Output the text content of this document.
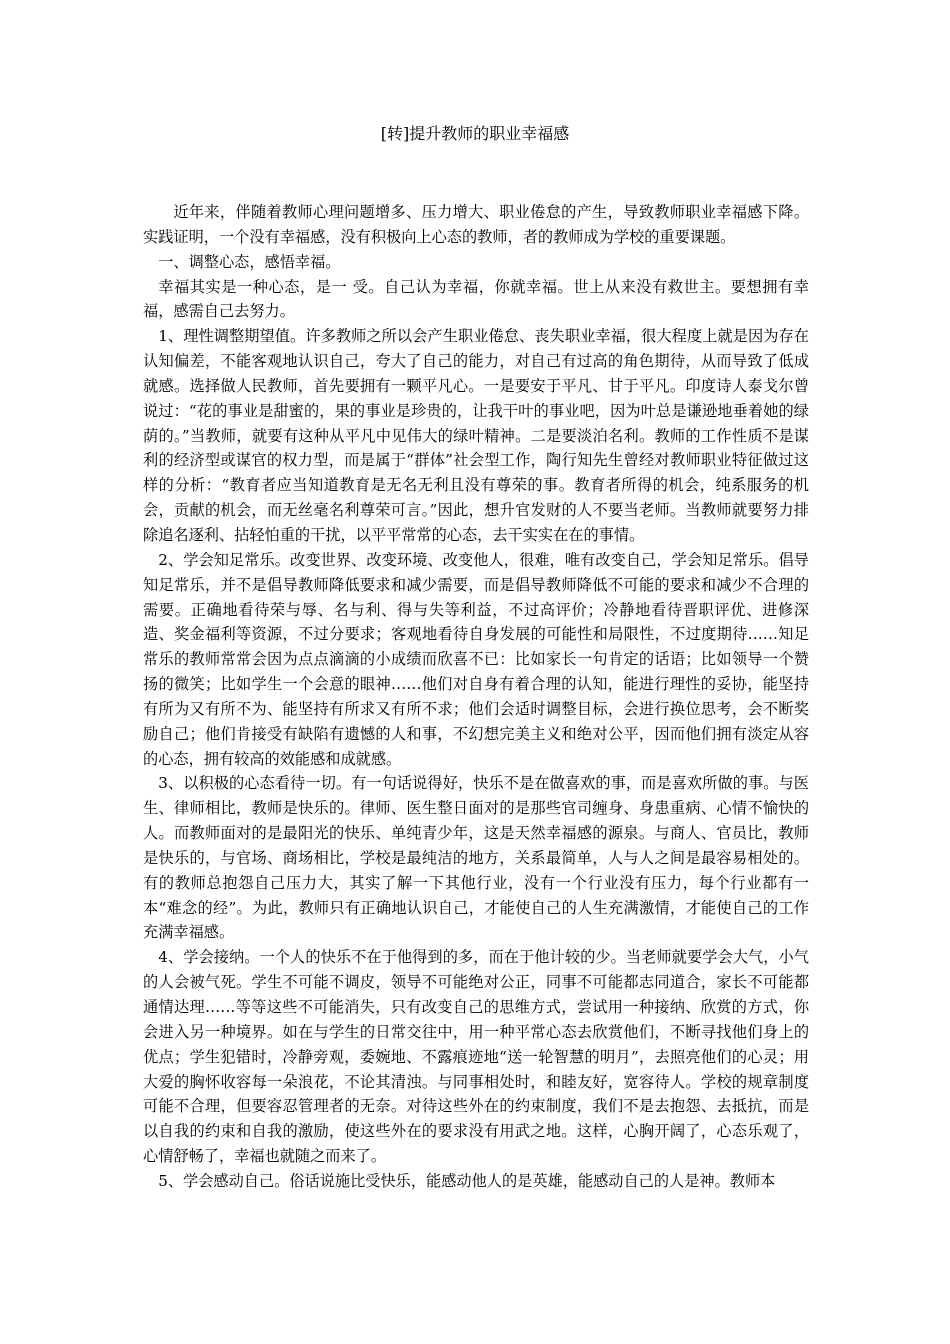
[转]提升教师的职业幸福感

近年来，伴随着教师心理问题增多、压力增大、职业倦怠的产生，导致教师职业幸福感下降。实践证明，一个没有幸福感，没有积极向上心态的教师，者的教师成为学校的重要课题。

一、调整心态，感悟幸福。

幸福其实是一种心态，是一 受。自己认为幸福，你就幸福。世上从来没有救世主。要想拥有幸福，感需自己去努力。

1、理性调整期望值。许多教师之所以会产生职业倦怠、丧失职业幸福，很大程度上就是因为存在认知偏差，不能客观地认识自己，夸大了自己的能力，对自己有过高的角色期待，从而导致了低成就感。选择做人民教师，首先要拥有一颗平凡心。一是要安于平凡、甘于平凡。印度诗人泰戈尔曾说过：“花的事业是甜蜜的，果的事业是珍贵的，让我干叶的事业吧，因为叶总是谦逊地垂着她的绿荫的。”当教师，就要有这种从平凡中见伟大的绿叶精神。二是要淡泊名利。教师的工作性质不是谋利的经济型或谋官的权力型，而是属于“群体”社会型工作，陶行知先生曾经对教师职业特征做过这样的分析：“教育者应当知道教育是无名无利且没有尊荣的事。教育者所得的机会，纯系服务的机会，贡献的机会，而无丝毫名利尊荣可言。”因此，想升官发财的人不要当老师。当教师就要努力排除追名逐利、拈轻怕重的干扰，以平平常常的心态，去干实实在在的事情。

2、学会知足常乐。改变世界、改变环境、改变他人，很难，唯有改变自己，学会知足常乐。倡导知足常乐，并不是倡导教师降低要求和减少需要，而是倡导教师降低不可能的要求和减少不合理的需要。正确地看待荣与辱、名与利、得与失等利益，不过高评价；冷静地看待晋职评优、进修深造、奖金福利等资源，不过分要求；客观地看待自身发展的可能性和局限性，不过度期待……知足常乐的教师常常会因为点点滴滴的小成绩而欣喜不已：比如家长一句肯定的话语；比如领导一个赞扬的微笑；比如学生一个会意的眼神……他们对自身有着合理的认知，能进行理性的妥协，能坚持有所为又有所不为、能坚持有所求又有所不求；他们会适时调整目标，会进行换位思考，会不断奖励自己；他们肯接受有缺陷有遗憾的人和事，不幻想完美主义和绝对公平，因而他们拥有淡定从容的心态，拥有较高的效能感和成就感。

3、以积极的心态看待一切。有一句话说得好，快乐不是在做喜欢的事，而是喜欢所做的事。与医生、律师相比，教师是快乐的。律师、医生整日面对的是那些官司缠身、身患重病、心情不愉快的人。而教师面对的是最阳光的快乐、单纯青少年，这是天然幸福感的源泉。与商人、官员比，教师是快乐的，与官场、商场相比，学校是最纯洁的地方，关系最简单，人与人之间是最容易相处的。有的教师总抱怨自己压力大，其实了解一下其他行业，没有一个行业没有压力，每个行业都有一本“难念的经”。为此，教师只有正确地认识自己，才能使自己的人生充满激情，才能使自己的工作充满幸福感。

4、学会接纳。一个人的快乐不在于他得到的多，而在于他计较的少。当老师就要学会大气，小气的人会被气死。学生不可能不调皮，领导不可能绝对公正，同事不可能都志同道合，家长不可能都通情达理……等等这些不可能消失，只有改变自己的思维方式，尝试用一种接纳、欣赏的方式，你会进入另一种境界。如在与学生的日常交往中，用一种平常心态去欣赏他们，不断寻找他们身上的优点；学生犯错时，冷静旁观，委婉地、不露痕迹地“送一轮智慧的明月”，去照亮他们的心灵；用大爱的胸怀收容每一朵浪花，不论其清浊。与同事相处时，和睦友好，宽容待人。学校的规章制度可能不合理，但要容忍管理者的无奈。对待这些外在的约束制度，我们不是去抱怨、去抵抗，而是以自我的约束和自我的激励，使这些外在的要求没有用武之地。这样，心胸开阔了，心态乐观了，心情舒畅了，幸福也就随之而来了。

5、学会感动自己。俗话说施比受快乐，能感动他人的是英雄，能感动自己的人是神。教师本
